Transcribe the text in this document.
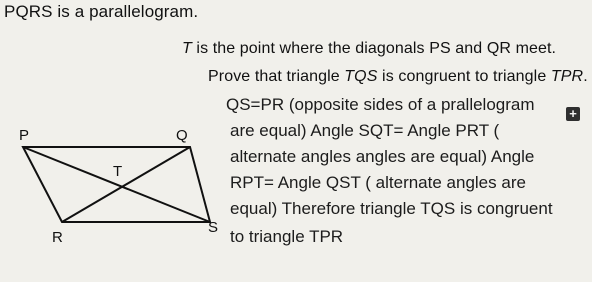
PQRS is a parallelogram.
T is the point where the diagonals PS and QR meet.
Prove that triangle TQS is congruent to triangle TPR.
P	Q
T
R
S
QS=PR (opposite sides of a prallelogram
are equal) Angle SQT= Angle PRT (
alternate angles angles are equal) Angle
RPT= Angle QST ( alternate angles are
equal) Therefore triangle TQS is congruent
to triangle TPR
+
